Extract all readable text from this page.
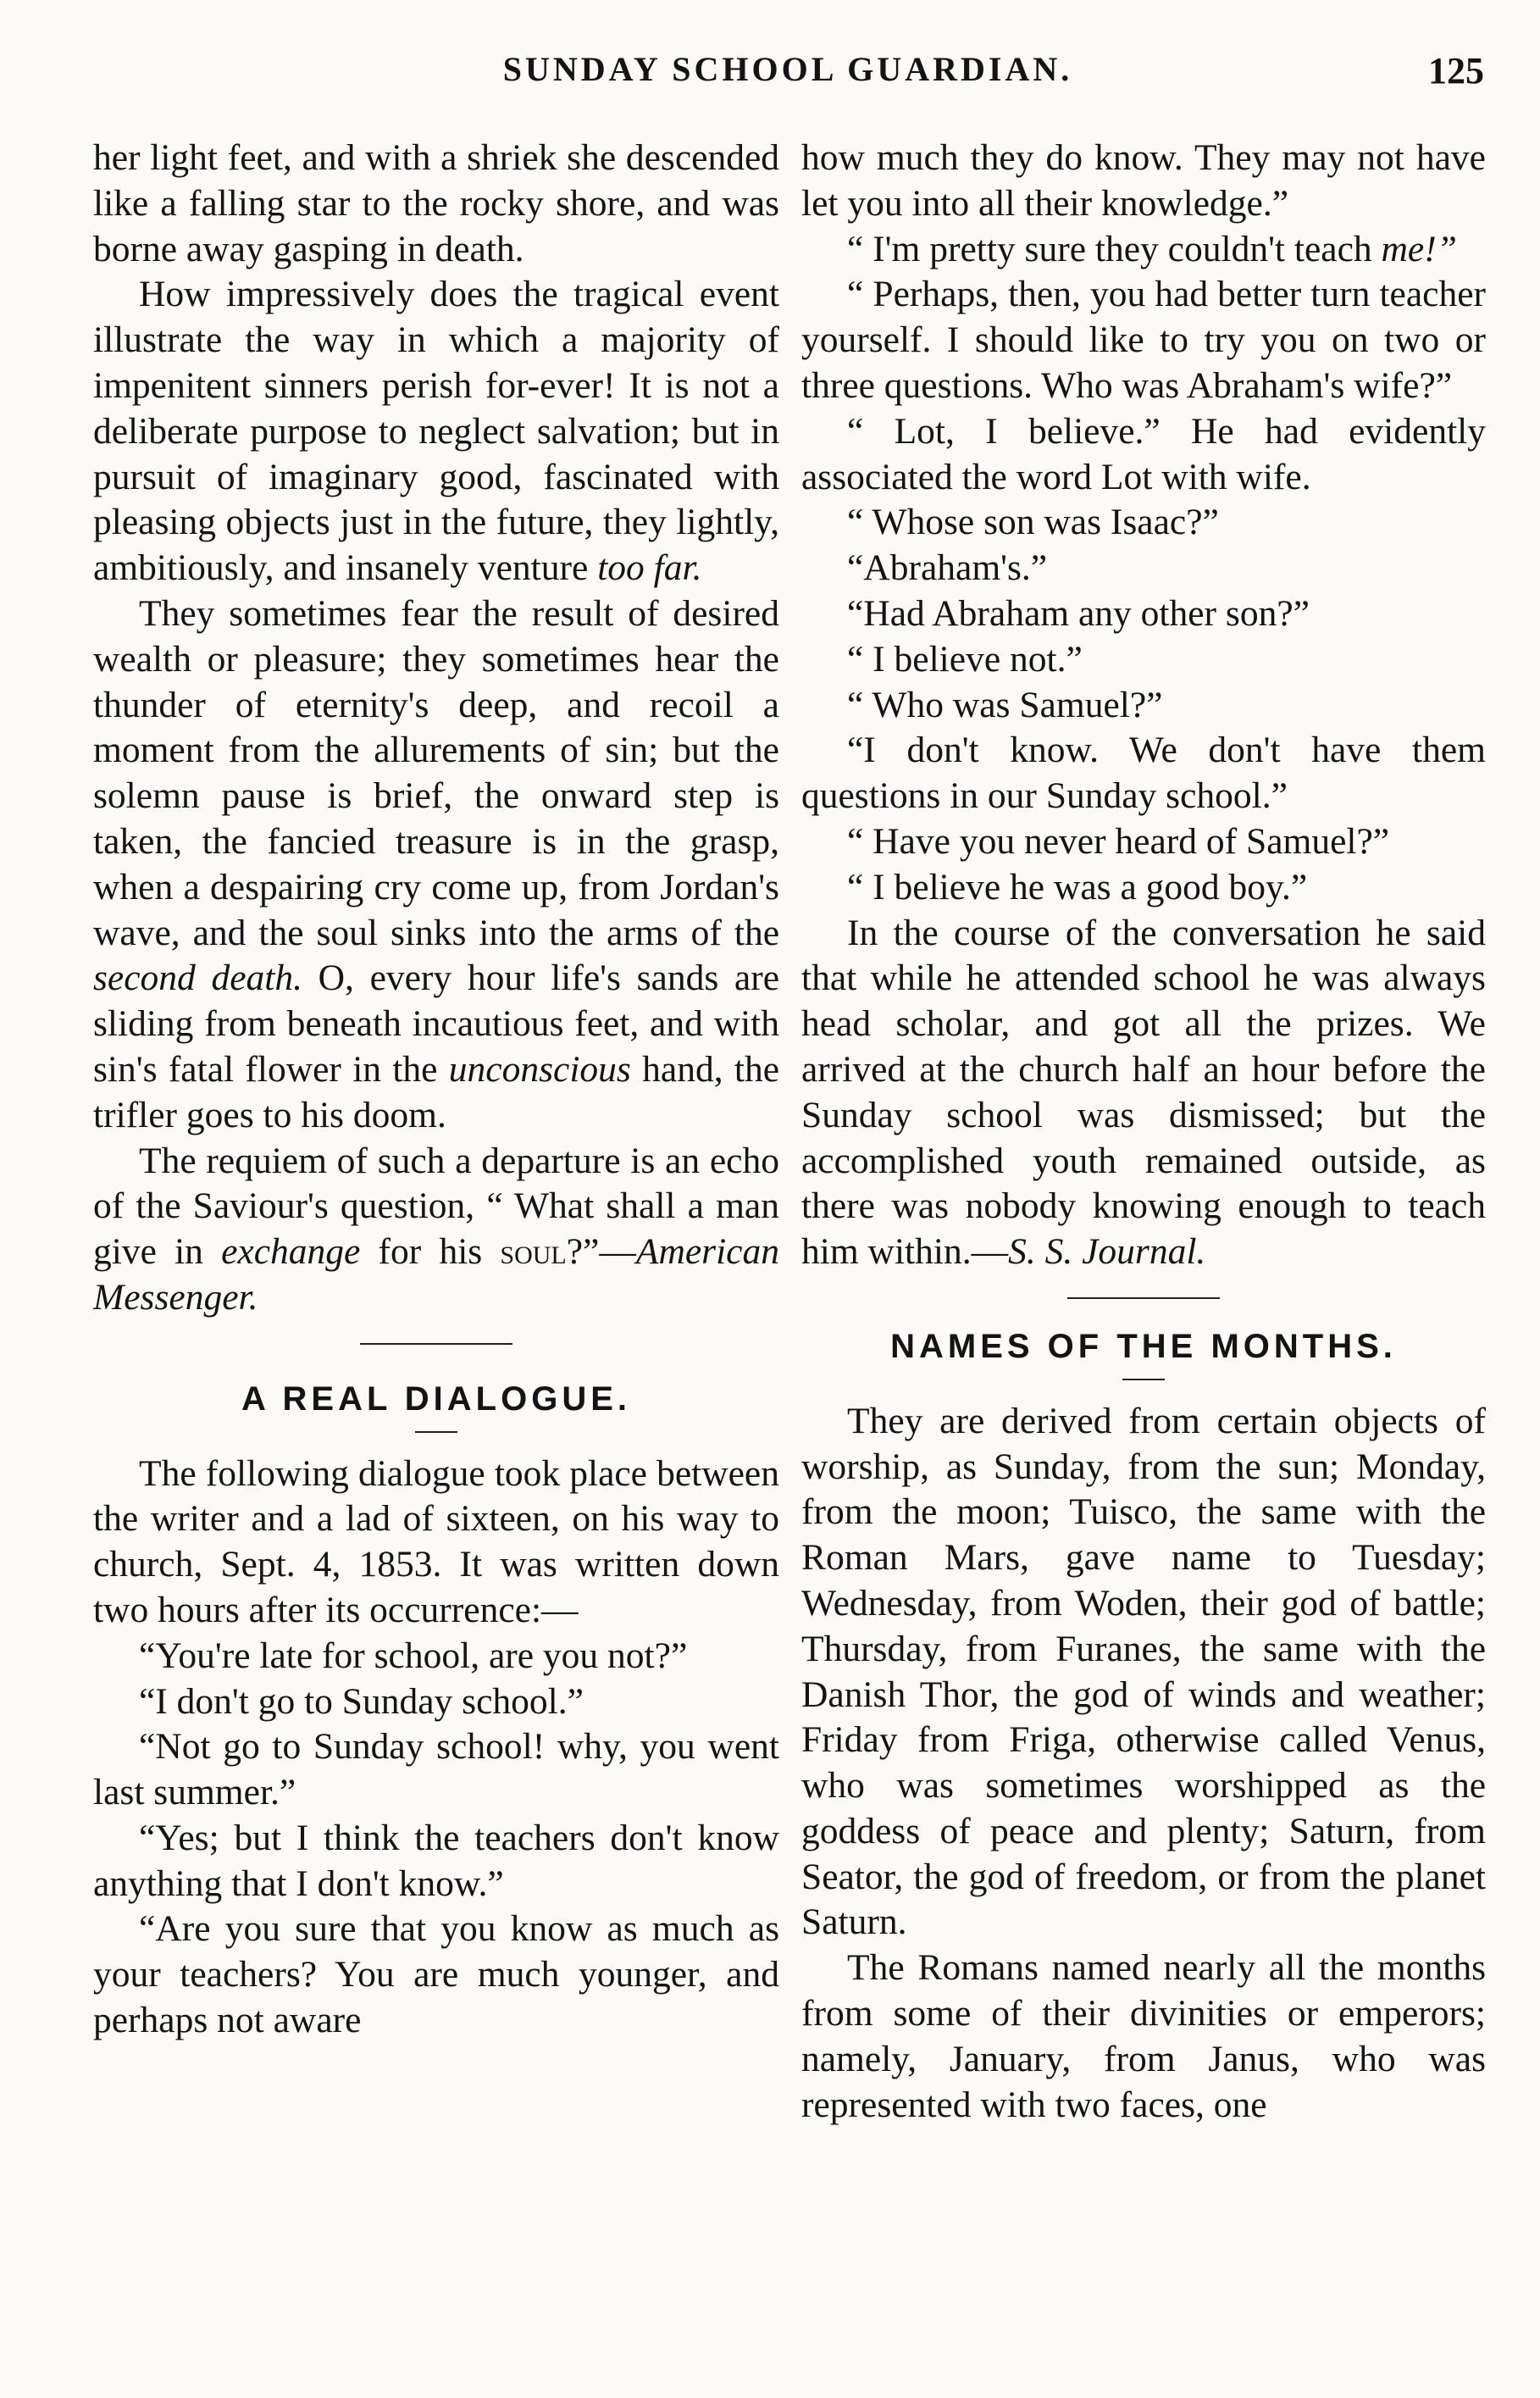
SUNDAY SCHOOL GUARDIAN.	125

her light feet, and with a shriek she descended like a falling star to the rocky shore, and was borne away gasping in death.

How impressively does the tragical event illustrate the way in which a majority of impenitent sinners perish for-ever! It is not a deliberate purpose to neglect salvation; but in pursuit of imaginary good, fascinated with pleasing objects just in the future, they lightly, ambitiously, and insanely venture too far.

They sometimes fear the result of desired wealth or pleasure; they sometimes hear the thunder of eternity's deep, and recoil a moment from the allurements of sin; but the solemn pause is brief, the onward step is taken, the fancied treasure is in the grasp, when a despairing cry come up, from Jordan's wave, and the soul sinks into the arms of the second death. O, every hour life's sands are sliding from beneath incautious feet, and with sin's fatal flower in the unconscious hand, the trifler goes to his doom.

The requiem of such a departure is an echo of the Saviour's question, “ What shall a man give in exchange for his soul?”—American Messenger.

A REAL DIALOGUE.

The following dialogue took place between the writer and a lad of sixteen, on his way to church, Sept. 4, 1853. It was written down two hours after its occurrence:—

“You're late for school, are you not?”

“I don't go to Sunday school.”

“Not go to Sunday school! why, you went last summer.”

“Yes; but I think the teachers don't know anything that I don't know.”

“Are you sure that you know as much as your teachers? You are much younger, and perhaps not aware

how much they do know. They may not have let you into all their knowledge.”

“ I'm pretty sure they couldn't teach me!”

“ Perhaps, then, you had better turn teacher yourself. I should like to try you on two or three questions. Who was Abraham's wife?”

“ Lot, I believe.” He had evidently associated the word Lot with wife.

“ Whose son was Isaac?”

“Abraham's.”

“Had Abraham any other son?”

“ I believe not.”

“ Who was Samuel?”

“I don't know. We don't have them questions in our Sunday school.”

“ Have you never heard of Samuel?”

“ I believe he was a good boy.”

In the course of the conversation he said that while he attended school he was always head scholar, and got all the prizes. We arrived at the church half an hour before the Sunday school was dismissed; but the accomplished youth remained outside, as there was nobody knowing enough to teach him within.—S. S. Journal.

NAMES OF THE MONTHS.

They are derived from certain objects of worship, as Sunday, from the sun; Monday, from the moon; Tuisco, the same with the Roman Mars, gave name to Tuesday; Wednesday, from Woden, their god of battle; Thursday, from Furanes, the same with the Danish Thor, the god of winds and weather; Friday from Friga, otherwise called Venus, who was sometimes worshipped as the goddess of peace and plenty; Saturn, from Seator, the god of freedom, or from the planet Saturn.

The Romans named nearly all the months from some of their divinities or emperors; namely, January, from Janus, who was represented with two faces, one
